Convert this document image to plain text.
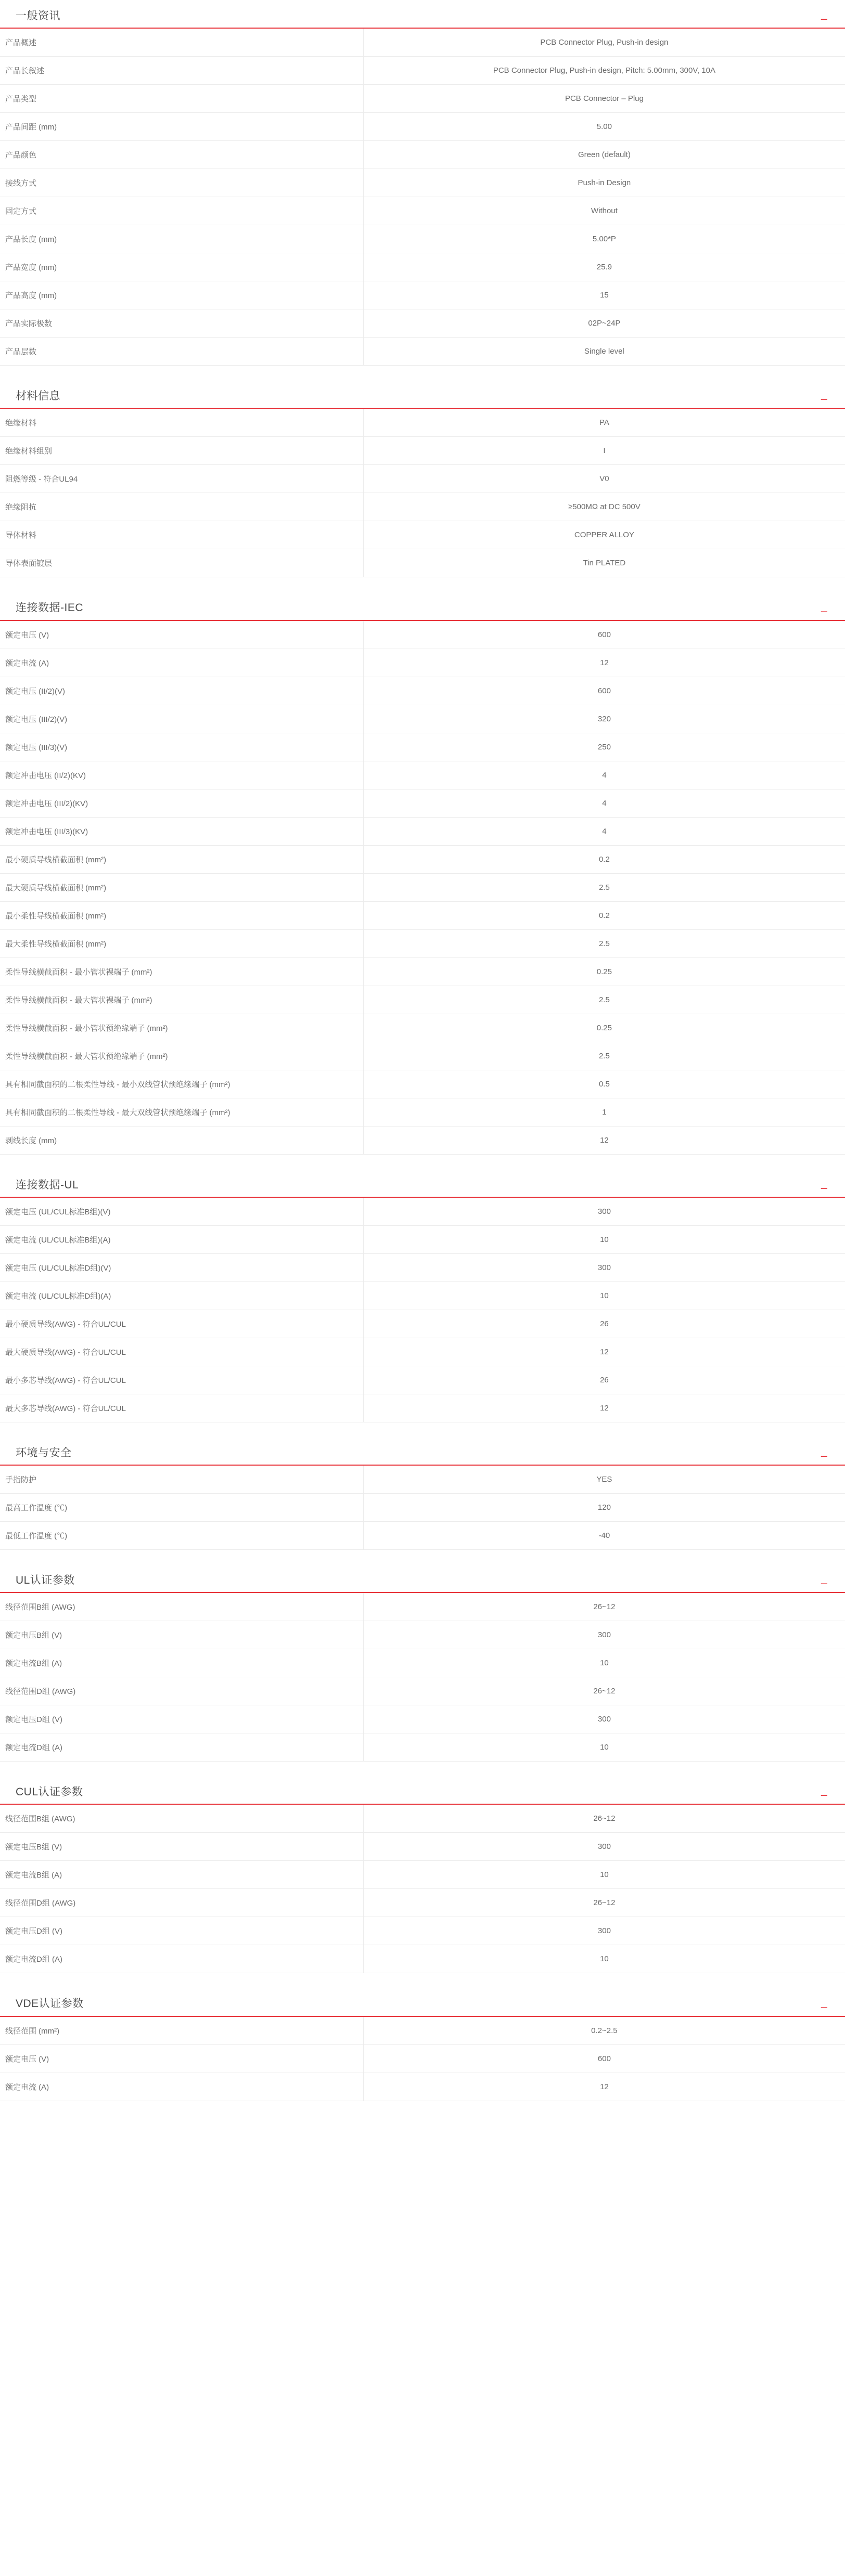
一般资讯	–
产品概述	PCB Connector Plug, Push-in design
产品长叙述	PCB Connector Plug, Push-in design, Pitch: 5.00mm, 300V, 10A
产品类型	PCB Connector – Plug
产品间距 (mm)	5.00
产品颜色	Green (default)
接线方式	Push-in Design
固定方式	Without
产品长度 (mm)	5.00*P
产品宽度 (mm)	25.9
产品高度 (mm)	15
产品实际极数	02P~24P
产品层数	Single level
材料信息	–
绝缘材料	PA
绝缘材料组别	I
阻燃等级 - 符合UL94	V0
绝缘阻抗	≥500MΩ at DC 500V
导体材料	COPPER ALLOY
导体表面镀层	Tin PLATED
连接数据-IEC	–
额定电压 (V)	600
额定电流 (A)	12
额定电压 (II/2)(V)	600
额定电压 (III/2)(V)	320
额定电压 (III/3)(V)	250
额定冲击电压 (II/2)(KV)	4
额定冲击电压 (III/2)(KV)	4
额定冲击电压 (III/3)(KV)	4
最小硬质导线横截面积 (mm²)	0.2
最大硬质导线横截面积 (mm²)	2.5
最小柔性导线横截面积 (mm²)	0.2
最大柔性导线横截面积 (mm²)	2.5
柔性导线横截面积 - 最小管状裸端子 (mm²)	0.25
柔性导线横截面积 - 最大管状裸端子 (mm²)	2.5
柔性导线横截面积 - 最小管状预绝缘端子 (mm²)	0.25
柔性导线横截面积 - 最大管状预绝缘端子 (mm²)	2.5
具有相同截面积的二根柔性导线 - 最小双线管状预绝缘端子 (mm²)	0.5
具有相同截面积的二根柔性导线 - 最大双线管状预绝缘端子 (mm²)	1
剥线长度 (mm)	12
连接数据-UL	–
额定电压 (UL/CUL标准B组)(V)	300
额定电流 (UL/CUL标准B组)(A)	10
额定电压 (UL/CUL标准D组)(V)	300
额定电流 (UL/CUL标准D组)(A)	10
最小硬质导线(AWG) - 符合UL/CUL	26
最大硬质导线(AWG) - 符合UL/CUL	12
最小多芯导线(AWG) - 符合UL/CUL	26
最大多芯导线(AWG) - 符合UL/CUL	12
环境与安全	–
手指防护	YES
最高工作温度 (℃)	120
最低工作温度 (℃)	-40
UL认证参数	–
线径范围B组 (AWG)	26~12
额定电压B组 (V)	300
额定电流B组 (A)	10
线径范围D组 (AWG)	26~12
额定电压D组 (V)	300
额定电流D组 (A)	10
CUL认证参数	–
线径范围B组 (AWG)	26~12
额定电压B组 (V)	300
额定电流B组 (A)	10
线径范围D组 (AWG)	26~12
额定电压D组 (V)	300
额定电流D组 (A)	10
VDE认证参数	–
线径范围 (mm²)	0.2~2.5
额定电压 (V)	600
额定电流 (A)	12
